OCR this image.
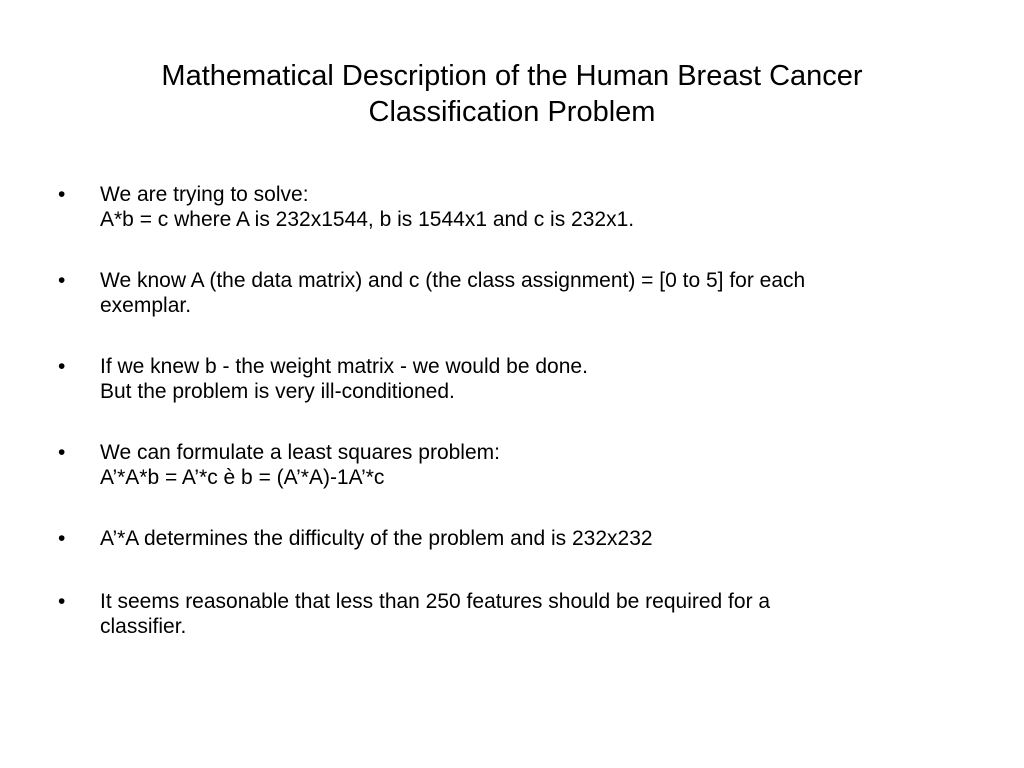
Mathematical Description of the Human Breast Cancer
Classification Problem
•	We are trying to solve:
A*b = c where A is 232x1544, b is 1544x1 and c is 232x1.
•	We know A (the data matrix) and c (the class assignment) = [0 to 5] for each
exemplar.
•	If we knew b - the weight matrix - we would be done.
But the problem is very ill-conditioned.
•	We can formulate a least squares problem:
A’*A*b = A’*c è b = (A’*A)-1A’*c
•	A’*A determines the difficulty of the problem and is 232x232
•	It seems reasonable that less than 250 features should be required for a
classifier.
